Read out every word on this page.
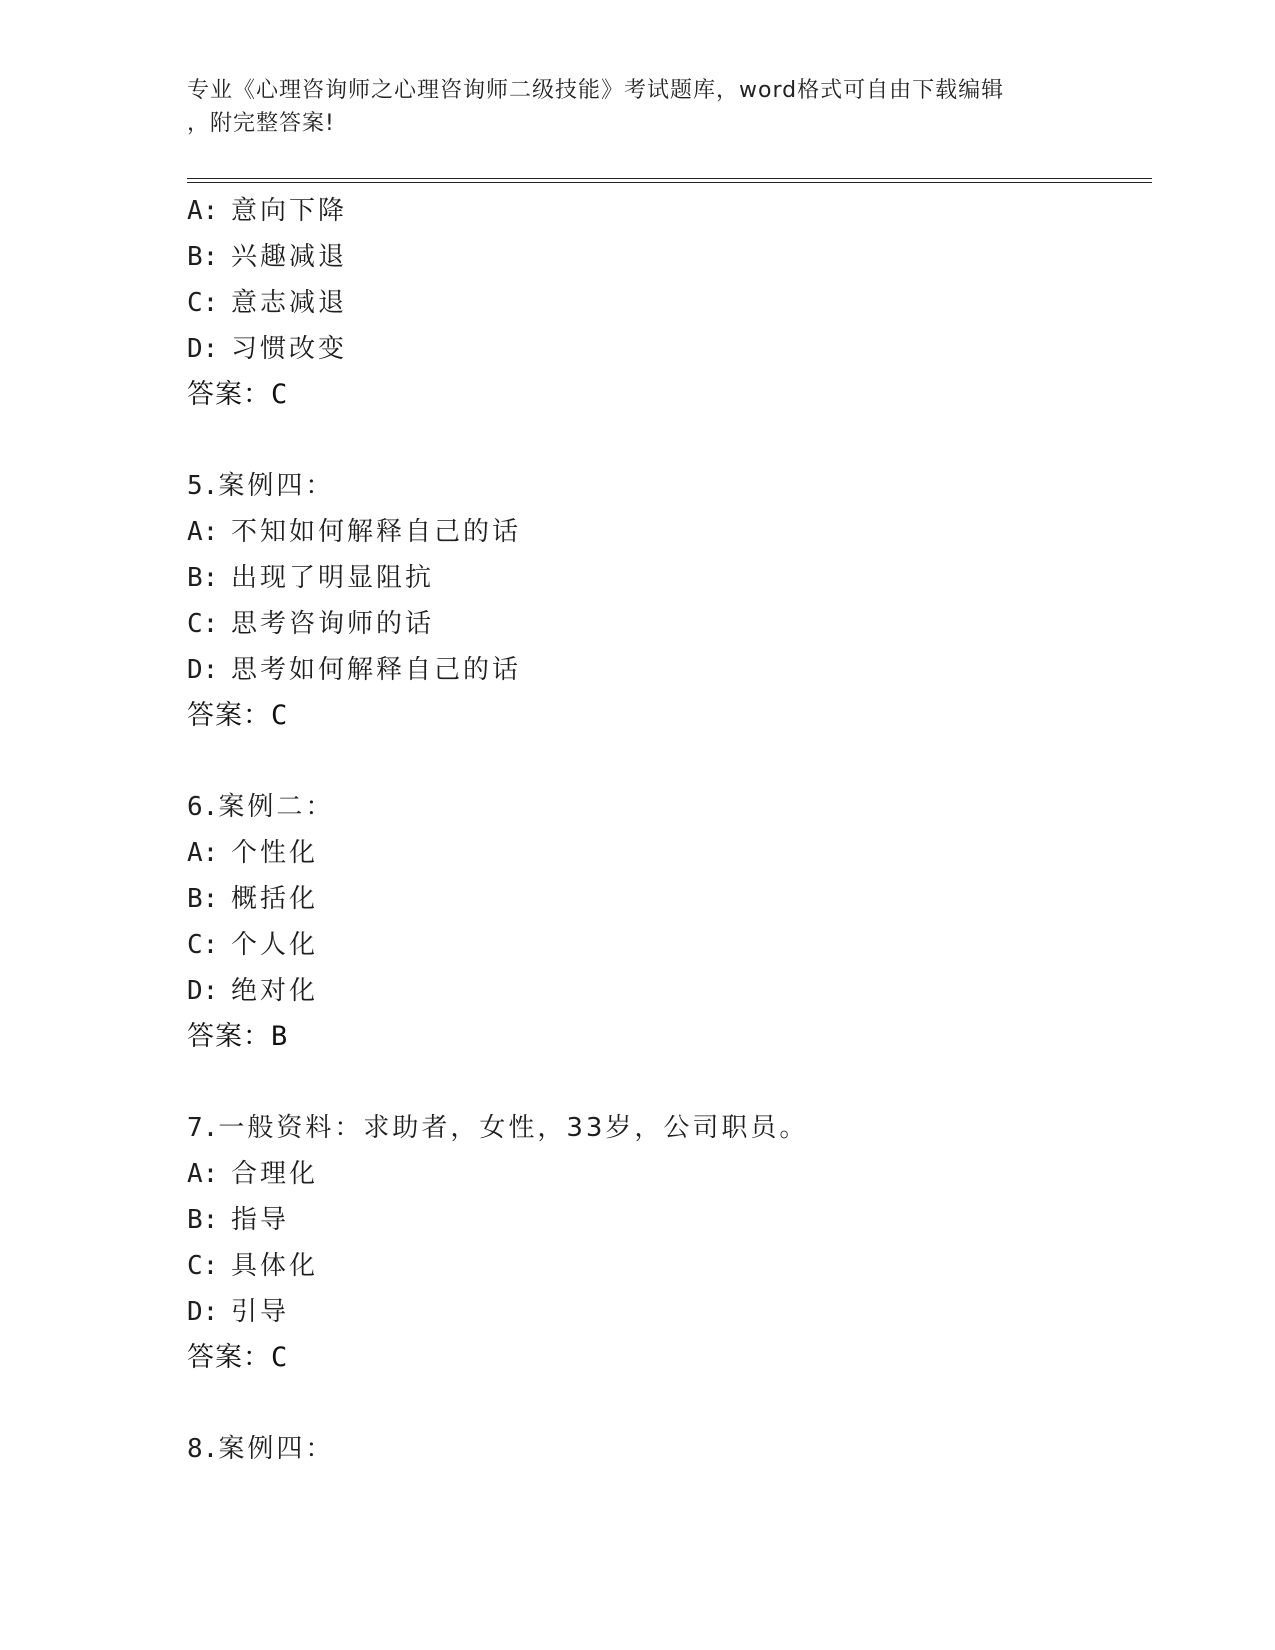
专业《心理咨询师之心理咨询师二级技能》考试题库，word格式可自由下载编辑
，附完整答案!
A: 意向下降
B: 兴趣减退
C: 意志减退
D: 习惯改变
答案：C
5.案例四：
A: 不知如何解释自己的话
B: 出现了明显阻抗
C: 思考咨询师的话
D: 思考如何解释自己的话
答案：C
6.案例二：
A: 个性化
B: 概括化
C: 个人化
D: 绝对化
答案：B
7.一般资料：求助者，女性，33岁，公司职员。
A: 合理化
B: 指导
C: 具体化
D: 引导
答案：C
8.案例四：
